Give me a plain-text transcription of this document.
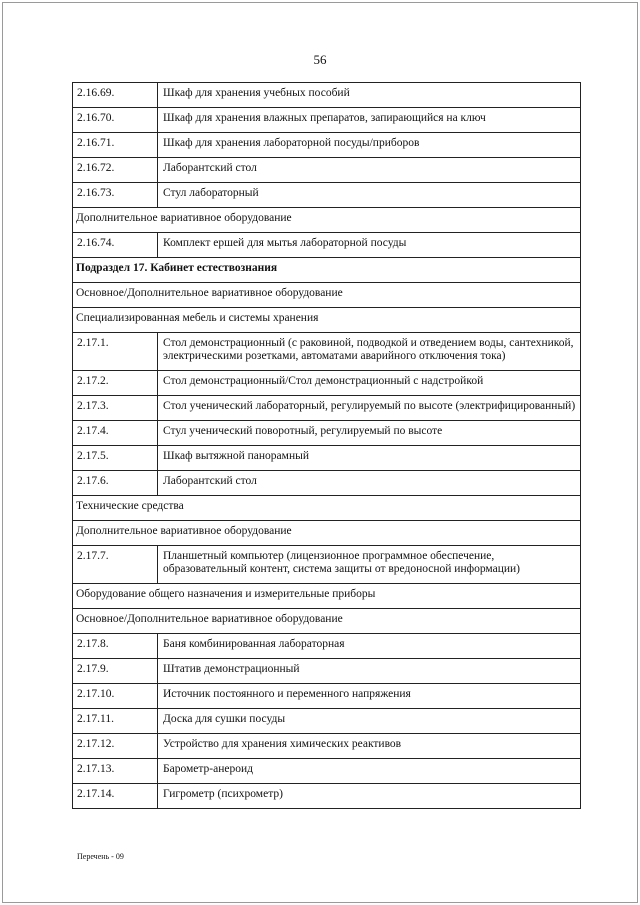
56
2.16.69.	Шкаф для хранения учебных пособий
2.16.70.	Шкаф для хранения влажных препаратов, запирающийся на ключ
2.16.71.	Шкаф для хранения лабораторной посуды/приборов
2.16.72.	Лаборантский стол
2.16.73.	Стул лабораторный
Дополнительное вариативное оборудование	
2.16.74.	Комплект ершей для мытья лабораторной посуды
Подраздел 17. Кабинет естествознания	
Основное/Дополнительное вариативное оборудование	
Специализированная мебель и системы хранения	
2.17.1.	Стол демонстрационный (с раковиной, подводкой и отведением воды, сантехникой, электрическими розетками, автоматами аварийного отключения тока)
2.17.2.	Стол демонстрационный/Стол демонстрационный с надстройкой
2.17.3.	Стол ученический лабораторный, регулируемый по высоте (электрифицированный)
2.17.4.	Стул ученический поворотный, регулируемый по высоте
2.17.5.	Шкаф вытяжной панорамный
2.17.6.	Лаборантский стол
Технические средства	
Дополнительное вариативное оборудование	
2.17.7.	Планшетный компьютер (лицензионное программное обеспечение, образовательный контент, система защиты от вредоносной информации)
Оборудование общего назначения и измерительные приборы	
Основное/Дополнительное вариативное оборудование	
2.17.8.	Баня комбинированная лабораторная
2.17.9.	Штатив демонстрационный
2.17.10.	Источник постоянного и переменного напряжения
2.17.11.	Доска для сушки посуды
2.17.12.	Устройство для хранения химических реактивов
2.17.13.	Барометр-анероид
2.17.14.	Гигрометр (психрометр)
Перечень - 09
